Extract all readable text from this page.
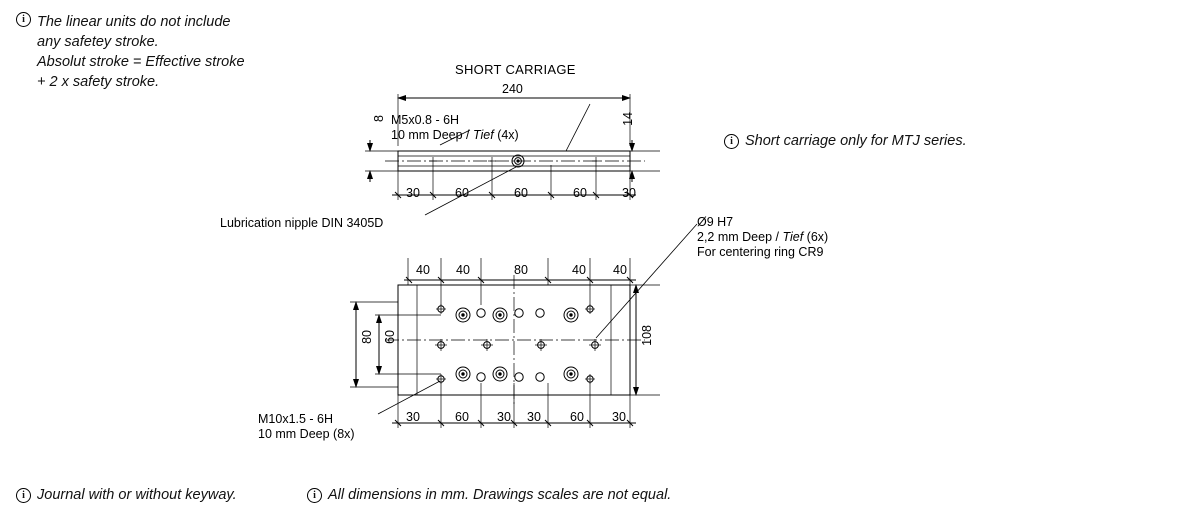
i The linear units do not include
any safetey stroke.
Absolut stroke = Effective stroke
+ 2 x safety stroke.
i Short carriage only for MTJ series.
i Journal with or without keyway.	i All dimensions in mm. Drawings scales are not equal.
SHORT CARRIAGE
240
8	14
M5x0.8 - 6H
10 mm Deep / Tief (4x)
30	60	60	60	30
Lubrication nipple DIN 3405D	Ø9 H7
2,2 mm Deep / Tief (6x)
For centering ring CR9
M10x1.5 - 6H
10 mm Deep (8x)
40 40	80	40 40
30	60 30 30 60 30
80 60	108
